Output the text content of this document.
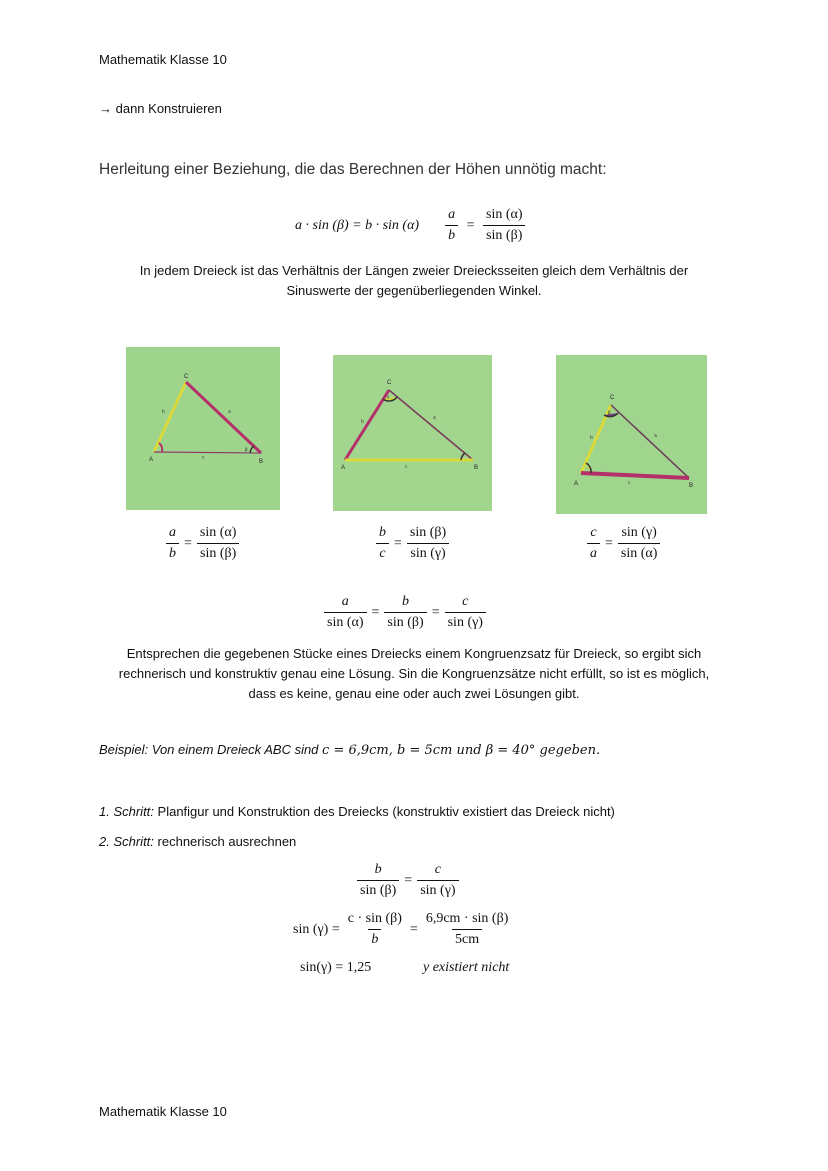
Mathematik Klasse 10
→ dann Konstruieren
Herleitung einer Beziehung, die das Berechnen der Höhen unnötig macht:
$a \cdot \sin (\beta) = b \cdot \sin (\alpha) \frac{a}{b} = \frac{\sin (\alpha)}{\sin (\beta)}$
In jedem Dreieck ist das Verhältnis der Längen zweier Dreiecksseiten gleich dem Verhältnis der Sinuswerte der gegenüberliegenden Winkel.
A	B
C
a
b
c
β
A	B
C
a
b
c
γ
A	B
C
a
b
c
β
$\frac{a}{b} = \frac{\sin (\alpha)}{\sin (\beta)}$	$\frac{b}{c} = \frac{\sin (\beta)}{\sin (\gamma)}$	$\frac{c}{a} = \frac{\sin (\gamma)}{\sin (\alpha)}$
$\frac{a}{\sin (\alpha)} = \frac{b}{\sin (\beta)} = \frac{c}{\sin (\gamma)}$
Entsprechen die gegebenen Stücke eines Dreiecks einem Kongruenzsatz für Dreieck, so ergibt sich rechnerisch und konstruktiv genau eine Lösung. Sin die Kongruenzsätze nicht erfüllt, so ist es möglich, dass es keine, genau eine oder auch zwei Lösungen gibt.
Beispiel: Von einem Dreieck ABC sind c = 6,9cm, b = 5cm und β = 40° gegeben.
1. Schritt: Planfigur und Konstruktion des Dreiecks (konstruktiv existiert das Dreieck nicht)
2. Schritt: rechnerisch ausrechnen
$\frac{b}{\sin (\beta)} = \frac{c}{\sin (\gamma)}$
$\sin (\gamma) = \frac{c \cdot \sin (\beta)}{b} = \frac{6,9cm \cdot \sin (\beta)}{5cm}$
sin(γ) = 1,25	y existiert nicht
Mathematik Klasse 10
